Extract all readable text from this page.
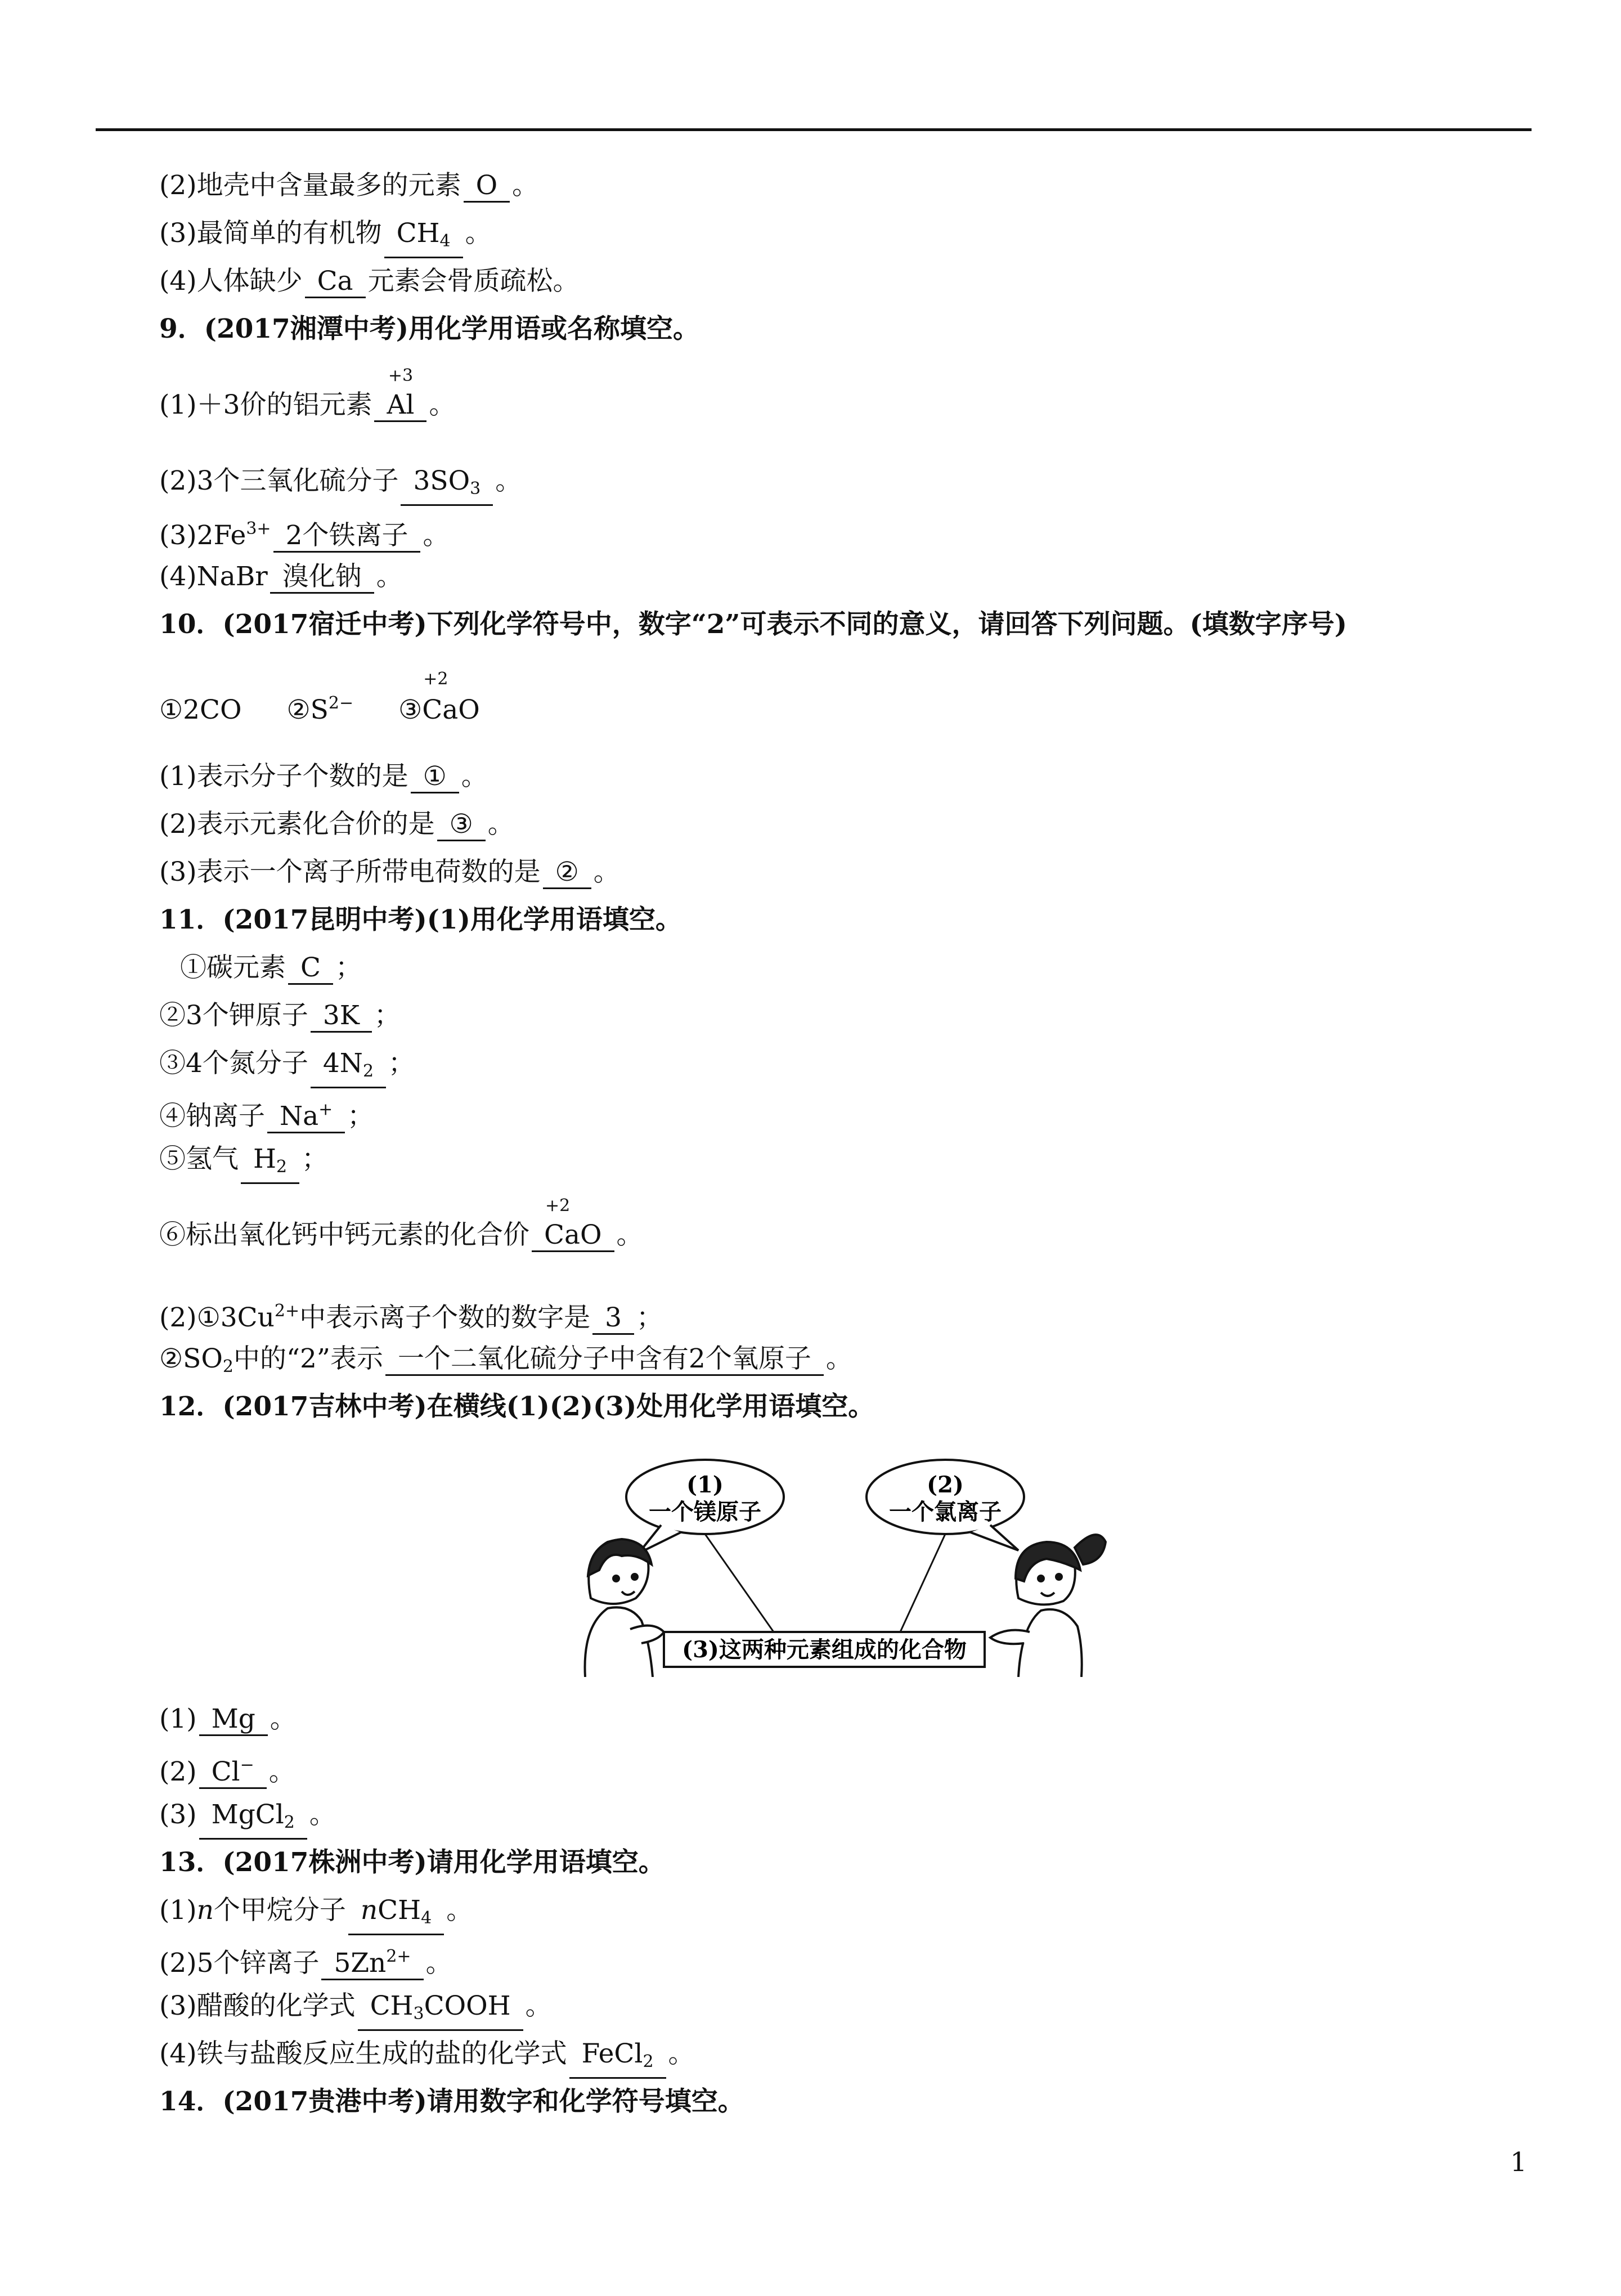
(2)地壳中含量最多的元素 O 。
(3)最简单的有机物 $CH_4$ 。
(4)人体缺少 Ca 元素会骨质疏松。
9．(2017湘潭中考)用化学用语或名称填空。
(1)＋3价的铝元素
+3
Al 。
(2)3个三氧化硫分子 $3SO_3$ 。
$(3)2Fe^{3+}$ 2个铁离子 。
(4)NaBr 溴化钠 。
10．(2017宿迁中考)下列化学符号中，数字“2”可表示不同的意义，请回答下列问题。(填数字序号)
①2CO $②S^{2-}$ ③
+2
CaO
(1)表示分子个数的是 ① 。
(2)表示元素化合价的是 ③ 。
(3)表示一个离子所带电荷数的是 ② 。
11．(2017昆明中考)(1)用化学用语填空。
①碳元素 C ；
②3个钾原子 3K ；
③4个氮分子 $4N_2$ ；
④钠离子 Na+ ；
⑤氢气 $H_2$ ；
⑥标出氧化钙中钙元素的化合价
+2
CaO 。
$(2)①3Cu^{2+}$中表示离子个数的数字是 3 ；
$②SO_2$中的“2”表示 一个二氧化硫分子中含有2个氧原子 。
12．(2017吉林中考)在横线(1)(2)(3)处用化学用语填空。
(1)
一个镁原子
(2)
一个氯离子
(3)这两种元素组成的化合物
(1) Mg 。
(2) Cl− 。
(3) MgCl$_2$ 。
13．(2017株洲中考)请用化学用语填空。
(1)n个甲烷分子 nCH$_4$ 。
(2)5个锌离子 $5Zn^{2+}$ 。
(3)醋酸的化学式 $CH_3COOH$ 。
(4)铁与盐酸反应生成的盐的化学式 FeCl$_2$ 。
14．(2017贵港中考)请用数字和化学符号填空。
1
